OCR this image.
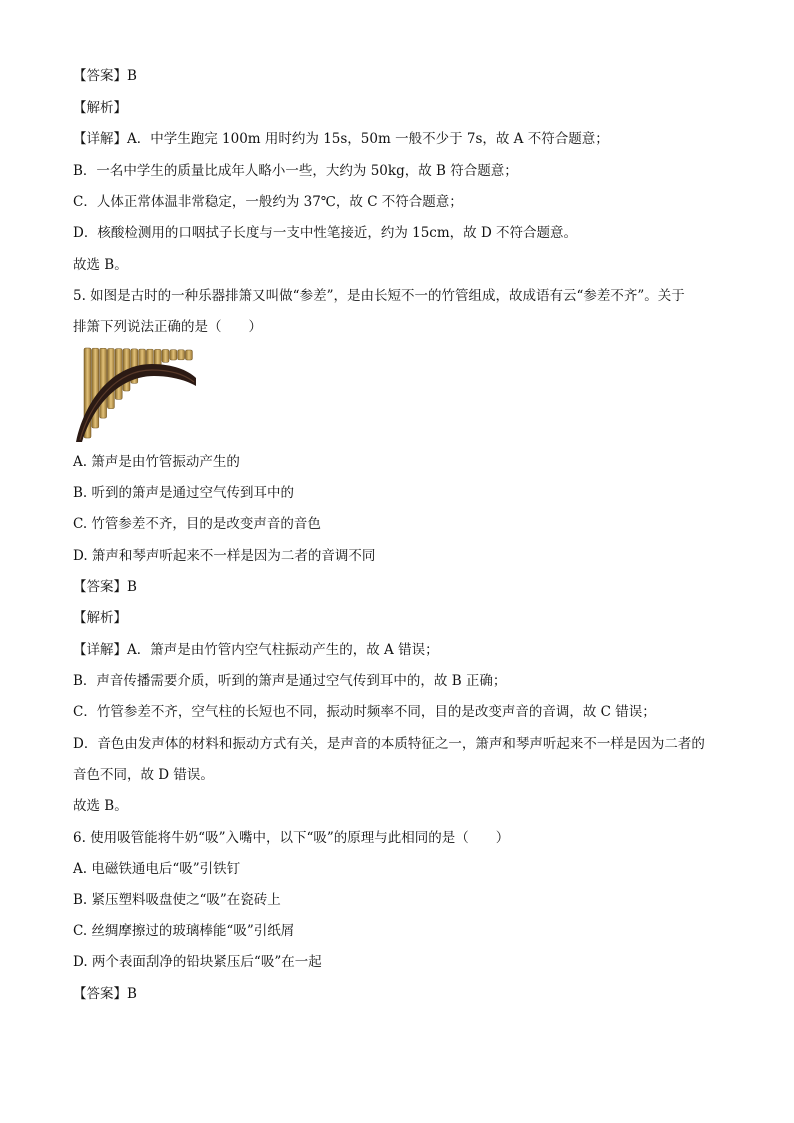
【答案】B
【解析】
【详解】A．中学生跑完 100m 用时约为 15s，50m 一般不少于 7s，故 A 不符合题意；
B．一名中学生的质量比成年人略小一些，大约为 50kg，故 B 符合题意；
C．人体正常体温非常稳定，一般约为 37℃，故 C 不符合题意；
D．核酸检测用的口咽拭子长度与一支中性笔接近，约为 15cm，故 D 不符合题意。
故选 B。
5. 如图是古时的一种乐器排箫又叫做“参差”，是由长短不一的竹管组成，故成语有云“参差不齐”。关于
排箫下列说法正确的是（　　）
A. 箫声是由竹管振动产生的
B. 听到的箫声是通过空气传到耳中的
C. 竹管参差不齐，目的是改变声音的音色
D. 箫声和琴声听起来不一样是因为二者的音调不同
【答案】B
【解析】
【详解】A．箫声是由竹管内空气柱振动产生的，故 A 错误；
B．声音传播需要介质，听到的箫声是通过空气传到耳中的，故 B 正确；
C．竹管参差不齐，空气柱的长短也不同，振动时频率不同，目的是改变声音的音调，故 C 错误；
D．音色由发声体的材料和振动方式有关，是声音的本质特征之一，箫声和琴声听起来不一样是因为二者的
音色不同，故 D 错误。
故选 B。
6. 使用吸管能将牛奶“吸”入嘴中，以下“吸”的原理与此相同的是（　　）
A. 电磁铁通电后“吸”引铁钉
B. 紧压塑料吸盘使之“吸”在瓷砖上
C. 丝绸摩擦过的玻璃棒能“吸”引纸屑
D. 两个表面刮净的铅块紧压后“吸”在一起
【答案】B
